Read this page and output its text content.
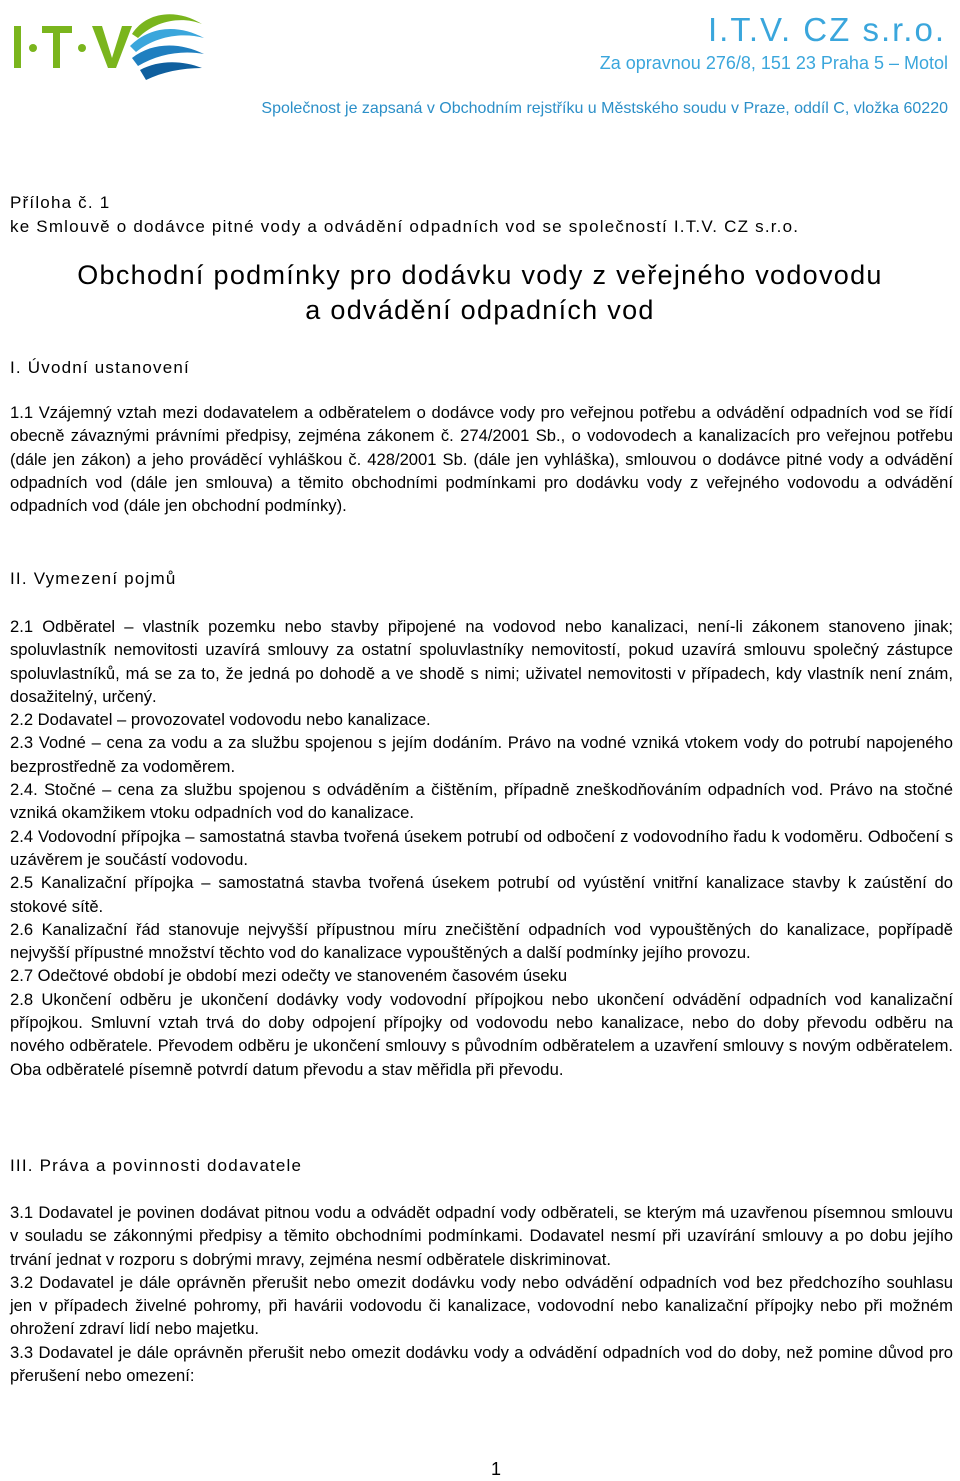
I.T.V. CZ s.r.o.
Za opravnou 276/8, 151 23 Praha 5 – Motol
Společnost je zapsaná v Obchodním rejstříku u Městského soudu v Praze, oddíl C, vložka 60220
Příloha č. 1
ke Smlouvě o dodávce pitné vody a odvádění odpadních vod se společností I.T.V. CZ s.r.o.
Obchodní podmínky pro dodávku vody z veřejného vodovodu
a odvádění odpadních vod
I. Úvodní ustanovení
1.1 Vzájemný vztah mezi dodavatelem a odběratelem o dodávce vody pro veřejnou potřebu a odvádění odpadních vod se řídí obecně závaznými právními předpisy, zejména zákonem č. 274/2001 Sb., o vodovodech a kanalizacích pro veřejnou potřebu (dále jen zákon) a jeho prováděcí vyhláškou č. 428/2001 Sb. (dále jen vyhláška), smlouvou o dodávce pitné vody a odvádění odpadních vod (dále jen smlouva) a těmito obchodními podmínkami pro dodávku vody z veřejného vodovodu a odvádění odpadních vod (dále jen obchodní podmínky).
II. Vymezení pojmů
2.1 Odběratel – vlastník pozemku nebo stavby připojené na vodovod nebo kanalizaci, není-li zákonem stanoveno jinak; spoluvlastník nemovitosti uzavírá smlouvy za ostatní spoluvlastníky nemovitostí, pokud uzavírá smlouvu společný zástupce spoluvlastníků, má se za to, že jedná po dohodě a ve shodě s nimi; uživatel nemovitosti v případech, kdy vlastník není znám, dosažitelný, určený.
2.2 Dodavatel – provozovatel vodovodu nebo kanalizace.
2.3 Vodné – cena za vodu a za službu spojenou s jejím dodáním. Právo na vodné vzniká vtokem vody do potrubí napojeného bezprostředně za vodoměrem.
2.4. Stočné – cena za službu spojenou s odváděním a čištěním, případně zneškodňováním odpadních vod. Právo na stočné vzniká okamžikem vtoku odpadních vod do kanalizace.
2.4 Vodovodní přípojka – samostatná stavba tvořená úsekem potrubí od odbočení z vodovodního řadu k vodoměru. Odbočení s uzávěrem je součástí vodovodu.
2.5 Kanalizační přípojka – samostatná stavba tvořená úsekem potrubí od vyústění vnitřní kanalizace stavby k zaústění do stokové sítě.
2.6 Kanalizační řád stanovuje nejvyšší přípustnou míru znečištění odpadních vod vypouštěných do kanalizace, popřípadě nejvyšší přípustné množství těchto vod do kanalizace vypouštěných a další podmínky jejího provozu.
2.7 Odečtové období je období mezi odečty ve stanoveném časovém úseku
2.8 Ukončení odběru je ukončení dodávky vody vodovodní přípojkou nebo ukončení odvádění odpadních vod kanalizační přípojkou. Smluvní vztah trvá do doby odpojení přípojky od vodovodu nebo kanalizace, nebo do doby převodu odběru na nového odběratele. Převodem odběru je ukončení smlouvy s původním odběratelem a uzavření smlouvy s novým odběratelem. Oba odběratelé písemně potvrdí datum převodu a stav měřidla při převodu.
III. Práva a povinnosti dodavatele
3.1 Dodavatel je povinen dodávat pitnou vodu a odvádět odpadní vody odběrateli, se kterým má uzavřenou písemnou smlouvu v souladu se zákonnými předpisy a těmito obchodními podmínkami. Dodavatel nesmí při uzavírání smlouvy a po dobu jejího trvání jednat v rozporu s dobrými mravy, zejména nesmí odběratele diskriminovat.
3.2 Dodavatel je dále oprávněn přerušit nebo omezit dodávku vody nebo odvádění odpadních vod bez předchozího souhlasu jen v případech živelné pohromy, při havárii vodovodu či kanalizace, vodovodní nebo kanalizační přípojky nebo při možném ohrožení zdraví lidí nebo majetku.
3.3 Dodavatel je dále oprávněn přerušit nebo omezit dodávku vody a odvádění odpadních vod do doby, než pominе důvod pro přerušení nebo omezení:
1
